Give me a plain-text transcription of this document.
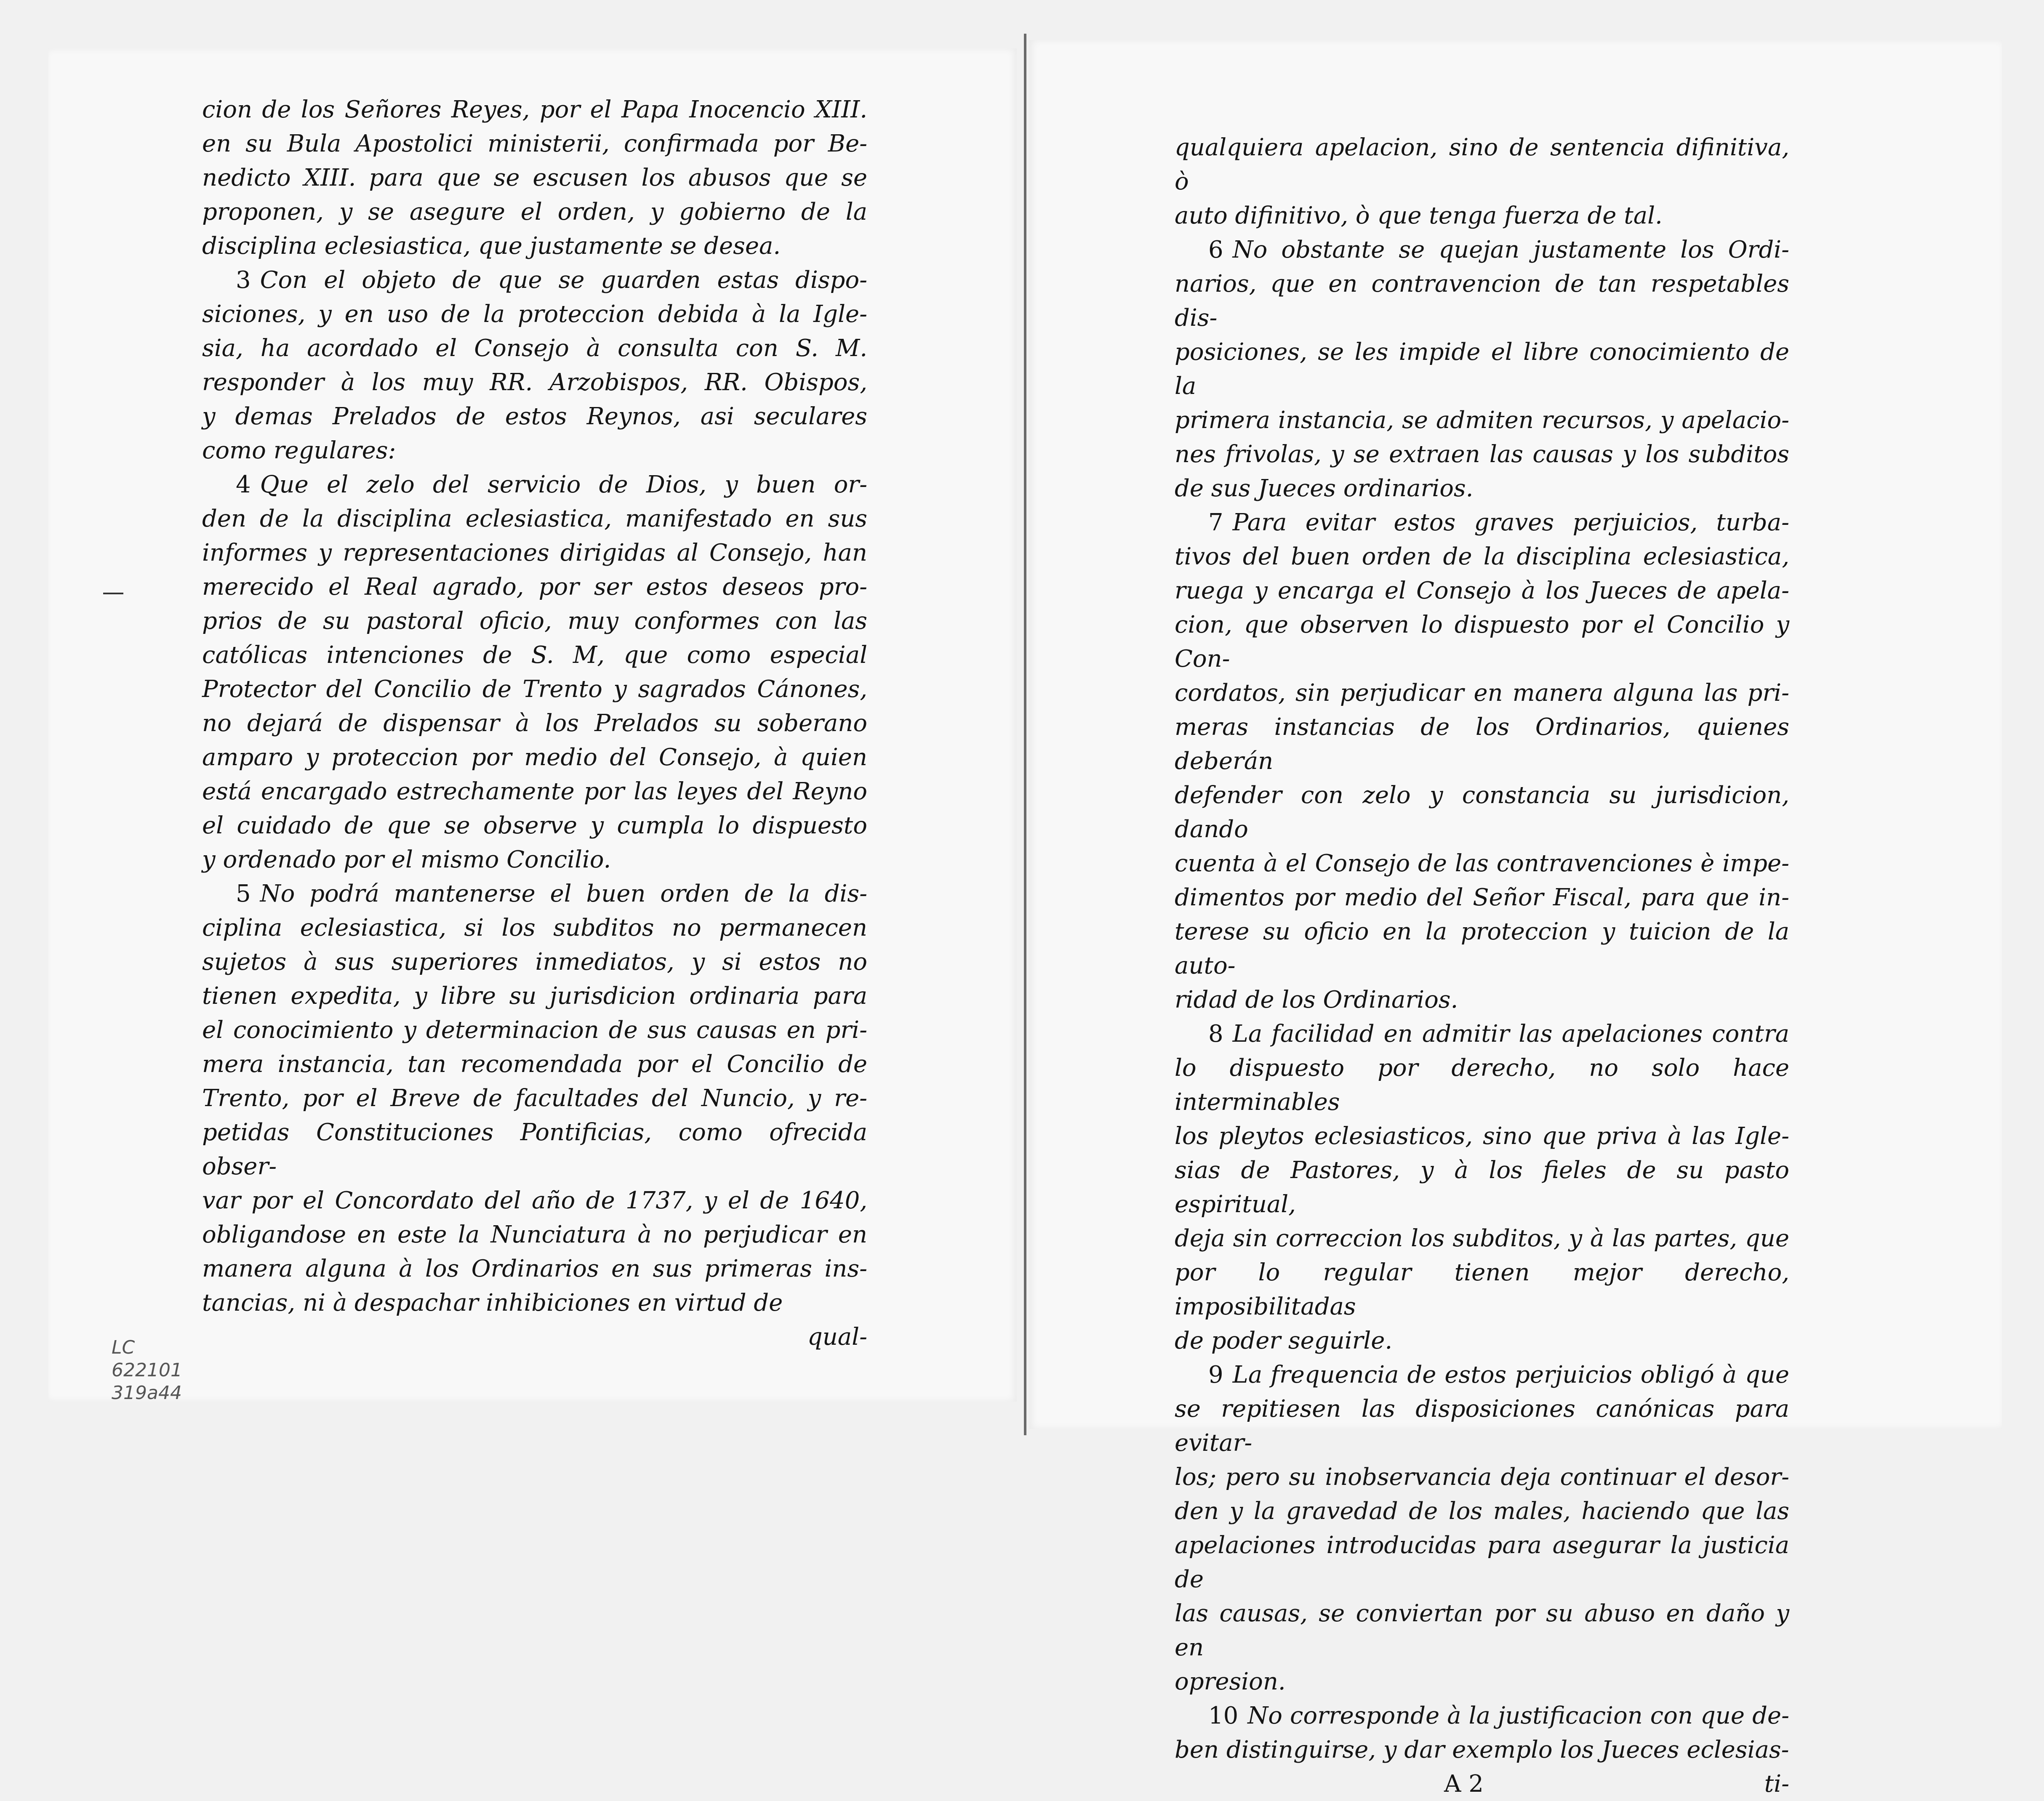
cion de los Señores Reyes, por el Papa Inocencio XIII.

en su Bula Apostolici ministerii, confirmada por Be-

nedicto XIII. para que se escusen los abusos que se

proponen, y se asegure el orden, y gobierno de la

disciplina eclesiastica, que justamente se desea.

3 Con el objeto de que se guarden estas dispo-

siciones, y en uso de la proteccion debida à la Igle-

sia, ha acordado el Consejo à consulta con S. M.

responder à los muy RR. Arzobispos, RR. Obispos,

y demas Prelados de estos Reynos, asi seculares

como regulares:

4 Que el zelo del servicio de Dios, y buen or-

den de la disciplina eclesiastica, manifestado en sus

informes y representaciones dirigidas al Consejo, han

merecido el Real agrado, por ser estos deseos pro-

prios de su pastoral oficio, muy conformes con las

católicas intenciones de S. M, que como especial

Protector del Concilio de Trento y sagrados Cánones,

no dejará de dispensar à los Prelados su soberano

amparo y proteccion por medio del Consejo, à quien

está encargado estrechamente por las leyes del Reyno

el cuidado de que se observe y cumpla lo dispuesto

y ordenado por el mismo Concilio.

5 No podrá mantenerse el buen orden de la dis-

ciplina eclesiastica, si los subditos no permanecen

sujetos à sus superiores inmediatos, y si estos no

tienen expedita, y libre su jurisdicion ordinaria para

el conocimiento y determinacion de sus causas en pri-

mera instancia, tan recomendada por el Concilio de

Trento, por el Breve de facultades del Nuncio, y re-

petidas Constituciones Pontificias, como ofrecida obser-

var por el Concordato del año de 1737, y el de 1640,

obligandose en este la Nunciatura à no perjudicar en

manera alguna à los Ordinarios en sus primeras ins-

tancias, ni à despachar inhibiciones en virtud de

qual-

qualquiera apelacion, sino de sentencia difinitiva, ò

auto difinitivo, ò que tenga fuerza de tal.

6 No obstante se quejan justamente los Ordi-

narios, que en contravencion de tan respetables dis-

posiciones, se les impide el libre conocimiento de la

primera instancia, se admiten recursos, y apelacio-

nes frivolas, y se extraen las causas y los subditos

de sus Jueces ordinarios.

7 Para evitar estos graves perjuicios, turba-

tivos del buen orden de la disciplina eclesiastica,

ruega y encarga el Consejo à los Jueces de apela-

cion, que observen lo dispuesto por el Concilio y Con-

cordatos, sin perjudicar en manera alguna las pri-

meras instancias de los Ordinarios, quienes deberán

defender con zelo y constancia su jurisdicion, dando

cuenta à el Consejo de las contravenciones è impe-

dimentos por medio del Señor Fiscal, para que in-

terese su oficio en la proteccion y tuicion de la auto-

ridad de los Ordinarios.

8 La facilidad en admitir las apelaciones contra

lo dispuesto por derecho, no solo hace interminables

los pleytos eclesiasticos, sino que priva à las Igle-

sias de Pastores, y à los fieles de su pasto espiritual,

deja sin correccion los subditos, y à las partes, que

por lo regular tienen mejor derecho, imposibilitadas

de poder seguirle.

9 La frequencia de estos perjuicios obligó à que

se repitiesen las disposiciones canónicas para evitar-

los; pero su inobservancia deja continuar el desor-

den y la gravedad de los males, haciendo que las

apelaciones introducidas para asegurar la justicia de

las causas, se conviertan por su abuso en daño y en

opresion.

10 No corresponde à la justificacion con que de-

ben distinguirse, y dar exemplo los Jueces eclesias-

A 2	ti-
LC
622101
319a44
